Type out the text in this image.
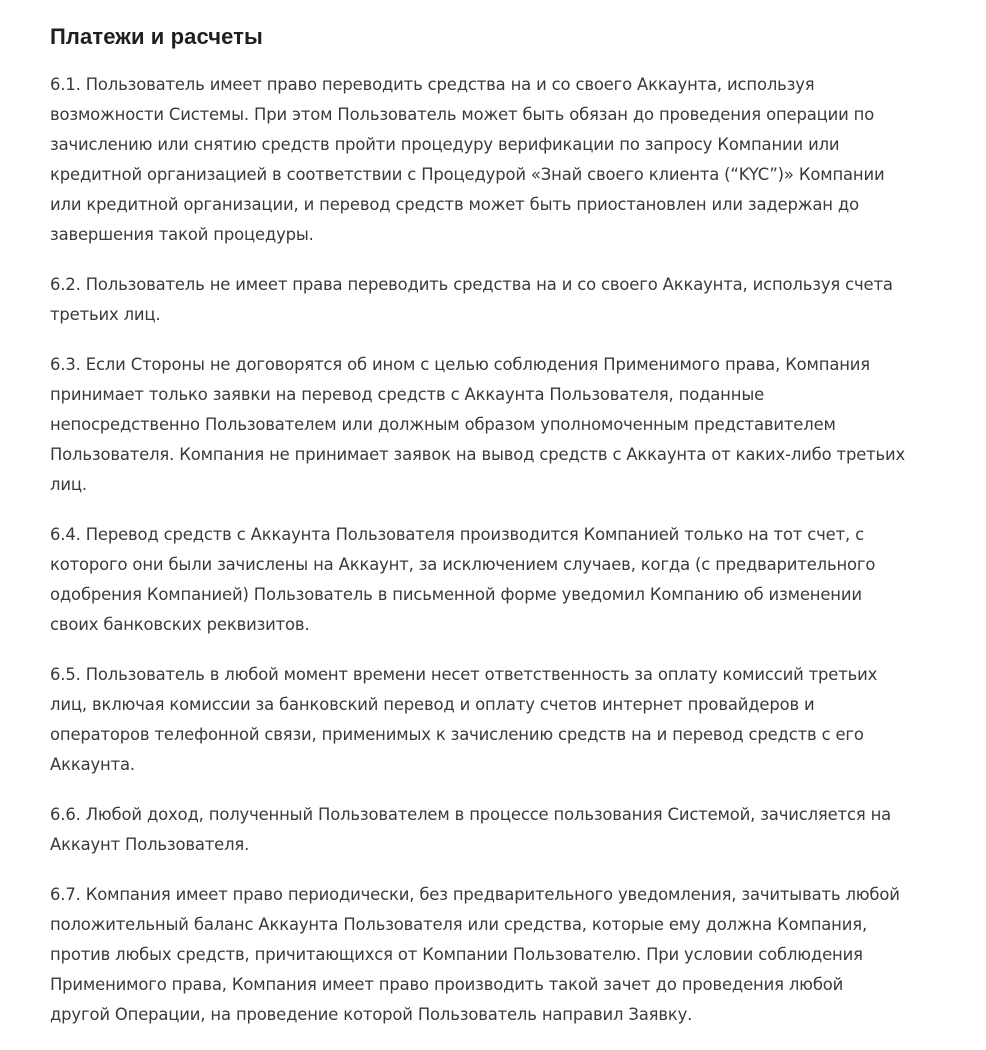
Платежи и расчеты
6.1. Пользователь имеет право переводить средства на и со своего Аккаунта, используя
возможности Системы. При этом Пользователь может быть обязан до проведения операции по
зачислению или снятию средств пройти процедуру верификации по запросу Компании или
кредитной организацией в соответствии с Процедурой «Знай своего клиента (“KYC”)» Компании
или кредитной организации, и перевод средств может быть приостановлен или задержан до
завершения такой процедуры.
6.2. Пользователь не имеет права переводить средства на и со своего Аккаунта, используя счета
третьих лиц.
6.3. Если Стороны не договорятся об ином с целью соблюдения Применимого права, Компания
принимает только заявки на перевод средств с Аккаунта Пользователя, поданные
непосредственно Пользователем или должным образом уполномоченным представителем
Пользователя. Компания не принимает заявок на вывод средств с Аккаунта от каких-либо третьих
лиц.
6.4. Перевод средств с Аккаунта Пользователя производится Компанией только на тот счет, с
которого они были зачислены на Аккаунт, за исключением случаев, когда (с предварительного
одобрения Компанией) Пользователь в письменной форме уведомил Компанию об изменении
своих банковских реквизитов.
6.5. Пользователь в любой момент времени несет ответственность за оплату комиссий третьих
лиц, включая комиссии за банковский перевод и оплату счетов интернет провайдеров и
операторов телефонной связи, применимых к зачислению средств на и перевод средств с его
Аккаунта.
6.6. Любой доход, полученный Пользователем в процессе пользования Системой, зачисляется на
Аккаунт Пользователя.
6.7. Компания имеет право периодически, без предварительного уведомления, зачитывать любой
положительный баланс Аккаунта Пользователя или средства, которые ему должна Компания,
против любых средств, причитающихся от Компании Пользователю. При условии соблюдения
Применимого права, Компания имеет право производить такой зачет до проведения любой
другой Операции, на проведение которой Пользователь направил Заявку.
